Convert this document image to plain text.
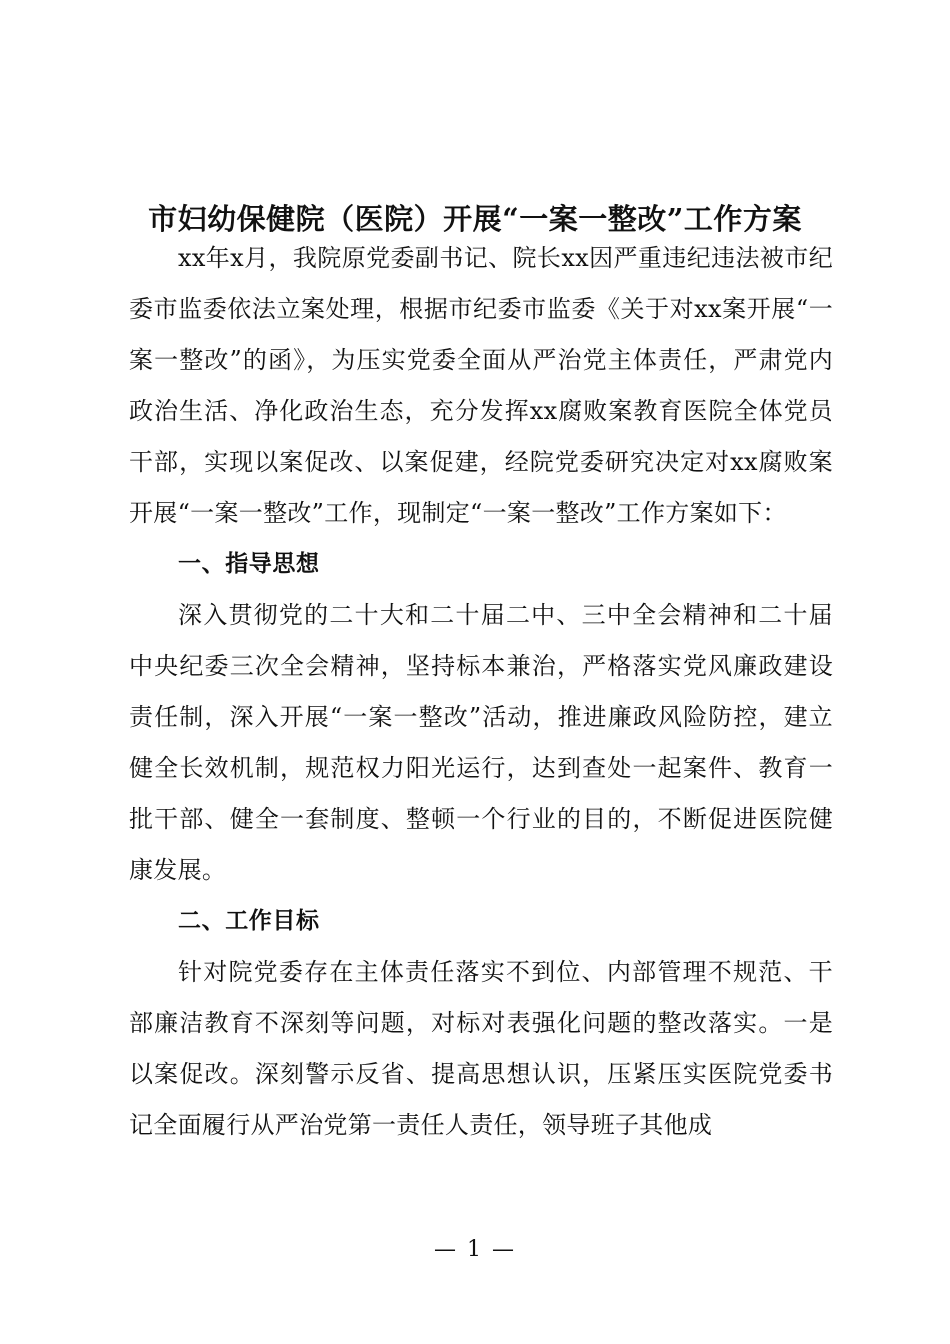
市妇幼保健院（医院）开展“一案一整改”工作方案

xx年x月，我院原党委副书记、院长xx因严重违纪违法被市纪委市监委依法立案处理，根据市纪委市监委《关于对xx案开展“一案一整改”的函》，为压实党委全面从严治党主体责任，严肃党内政治生活、净化政治生态，充分发挥xx腐败案教育医院全体党员干部，实现以案促改、以案促建，经院党委研究决定对xx腐败案开展“一案一整改”工作，现制定“一案一整改”工作方案如下：

一、指导思想

深入贯彻党的二十大和二十届二中、三中全会精神和二十届中央纪委三次全会精神，坚持标本兼治，严格落实党风廉政建设责任制，深入开展“一案一整改”活动，推进廉政风险防控，建立健全长效机制，规范权力阳光运行，达到查处一起案件、教育一批干部、健全一套制度、整顿一个行业的目的，不断促进医院健康发展。

二、工作目标

针对院党委存在主体责任落实不到位、内部管理不规范、干部廉洁教育不深刻等问题，对标对表强化问题的整改落实。一是以案促改。深刻警示反省、提高思想认识，压紧压实医院党委书记全面履行从严治党第一责任人责任，领导班子其他成

— 1 —
